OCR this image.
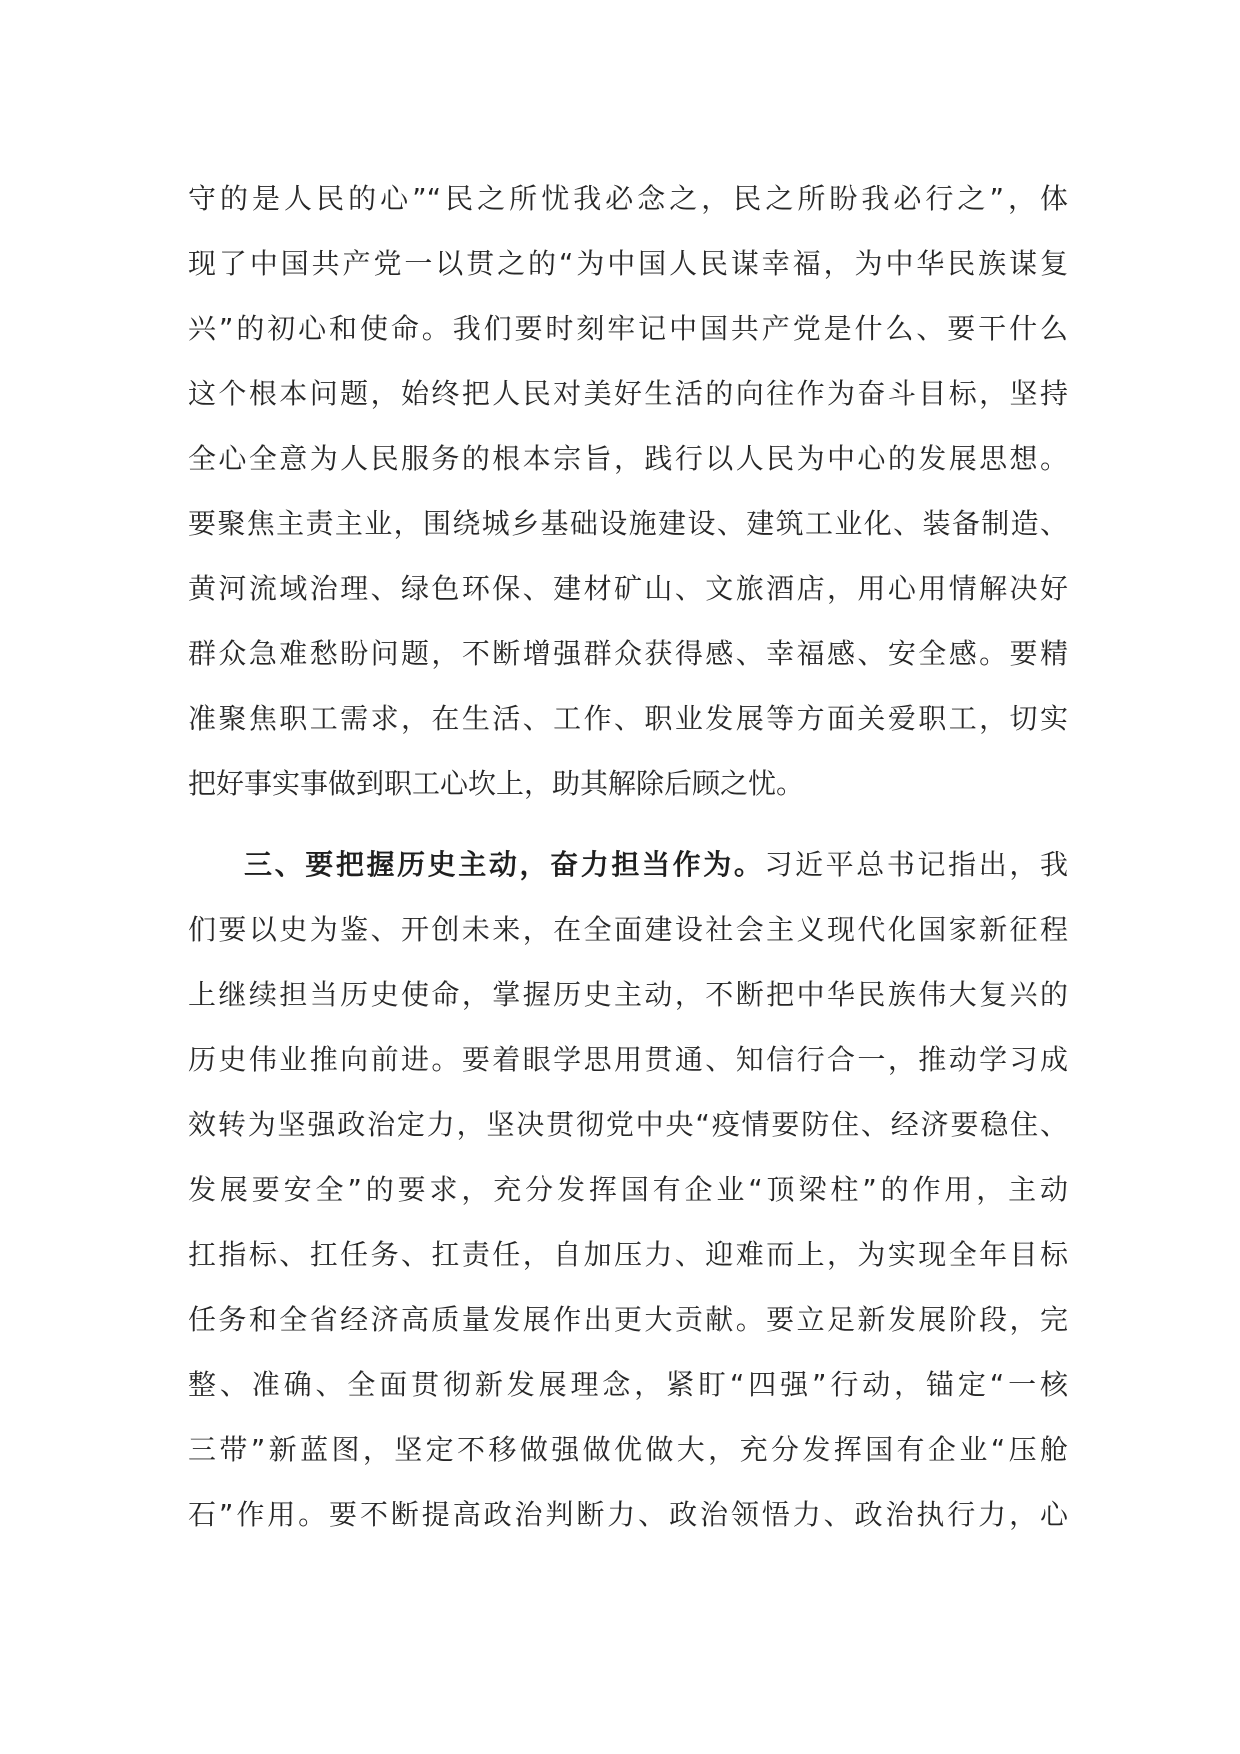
守的是人民的心”“民之所忧我必念之，民之所盼我必行之”，体
现了中国共产党一以贯之的“为中国人民谋幸福，为中华民族谋复
兴”的初心和使命。我们要时刻牢记中国共产党是什么、要干什么
这个根本问题，始终把人民对美好生活的向往作为奋斗目标，坚持
全心全意为人民服务的根本宗旨，践行以人民为中心的发展思想。
要聚焦主责主业，围绕城乡基础设施建设、建筑工业化、装备制造、
黄河流域治理、绿色环保、建材矿山、文旅酒店，用心用情解决好
群众急难愁盼问题，不断增强群众获得感、幸福感、安全感。要精
准聚焦职工需求，在生活、工作、职业发展等方面关爱职工，切实
把好事实事做到职工心坎上，助其解除后顾之忧。
三、要把握历史主动，奋力担当作为。习近平总书记指出，我
们要以史为鉴、开创未来，在全面建设社会主义现代化国家新征程
上继续担当历史使命，掌握历史主动，不断把中华民族伟大复兴的
历史伟业推向前进。要着眼学思用贯通、知信行合一，推动学习成
效转为坚强政治定力，坚决贯彻党中央“疫情要防住、经济要稳住、
发展要安全”的要求，充分发挥国有企业“顶梁柱”的作用，主动
扛指标、扛任务、扛责任，自加压力、迎难而上，为实现全年目标
任务和全省经济高质量发展作出更大贡献。要立足新发展阶段，完
整、准确、全面贯彻新发展理念，紧盯“四强”行动，锚定“一核
三带”新蓝图，坚定不移做强做优做大，充分发挥国有企业“压舱
石”作用。要不断提高政治判断力、政治领悟力、政治执行力，心
